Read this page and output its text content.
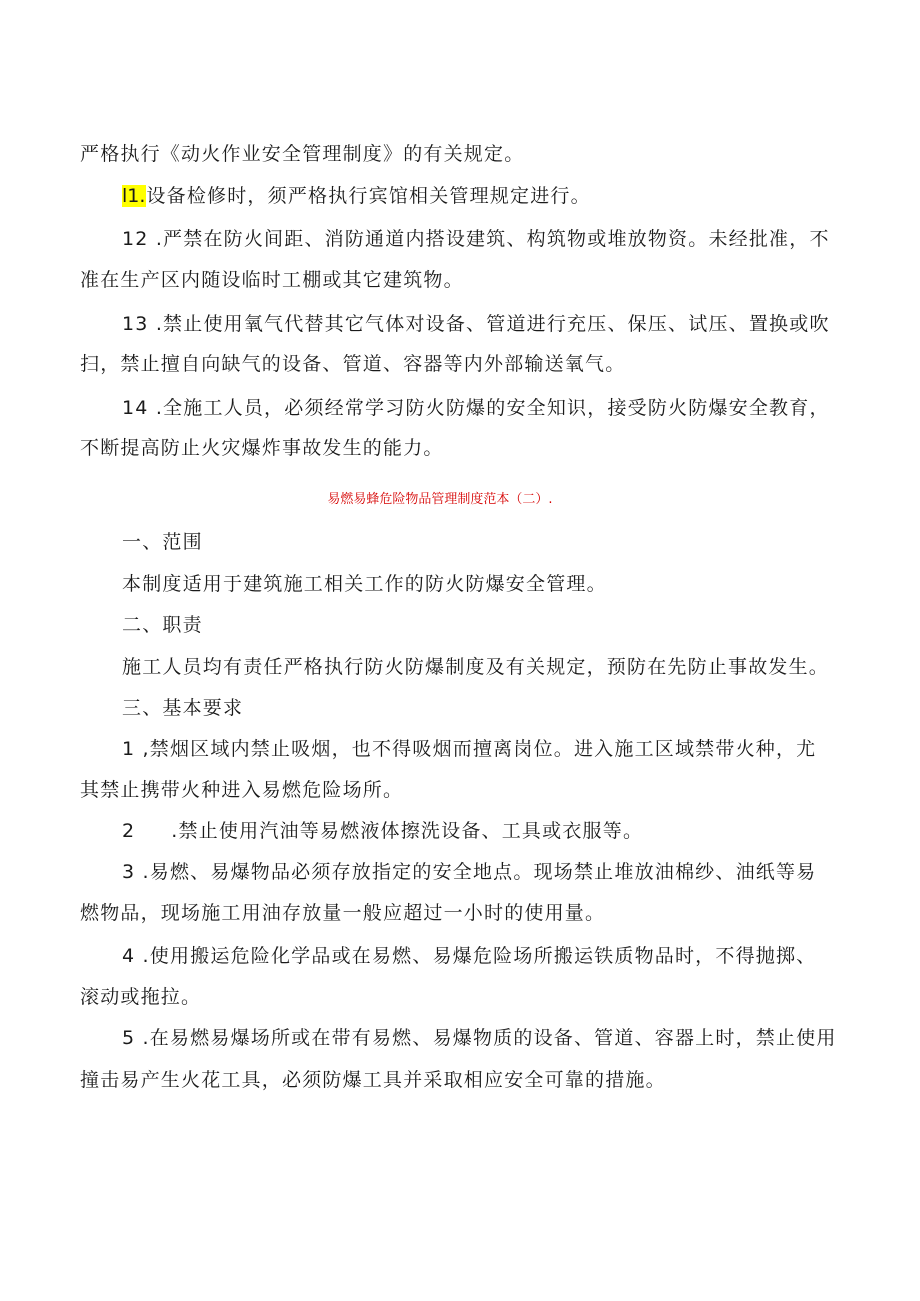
严格执行《动火作业安全管理制度》的有关规定。
l1.设备检修时，须严格执行宾馆相关管理规定进行。
12 .严禁在防火间距、消防通道内搭设建筑、构筑物或堆放物资。未经批准，不
准在生产区内随设临时工棚或其它建筑物。
13 .禁止使用氧气代替其它气体对设备、管道进行充压、保压、试压、置换或吹
扫，禁止擅自向缺气的设备、管道、容器等内外部输送氧气。
14 .全施工人员，必须经常学习防火防爆的安全知识，接受防火防爆安全教育，
不断提高防止火灾爆炸事故发生的能力。
易燃易蜂危险物品管理制度范本（二）.
一、范围
本制度适用于建筑施工相关工作的防火防爆安全管理。
二、职责
施工人员均有责任严格执行防火防爆制度及有关规定，预防在先防止事故发生。
三、基本要求
1 ,禁烟区域内禁止吸烟，也不得吸烟而擅离岗位。进入施工区域禁带火种，尤
其禁止携带火种进入易燃危险场所。
2 .禁止使用汽油等易燃液体擦洗设备、工具或衣服等。
3 .易燃、易爆物品必须存放指定的安全地点。现场禁止堆放油棉纱、油纸等易
燃物品，现场施工用油存放量一般应超过一小时的使用量。
4 .使用搬运危险化学品或在易燃、易爆危险场所搬运铁质物品时，不得抛掷、
滚动或拖拉。
5 .在易燃易爆场所或在带有易燃、易爆物质的设备、管道、容器上时，禁止使用
撞击易产生火花工具，必须防爆工具并采取相应安全可靠的措施。
